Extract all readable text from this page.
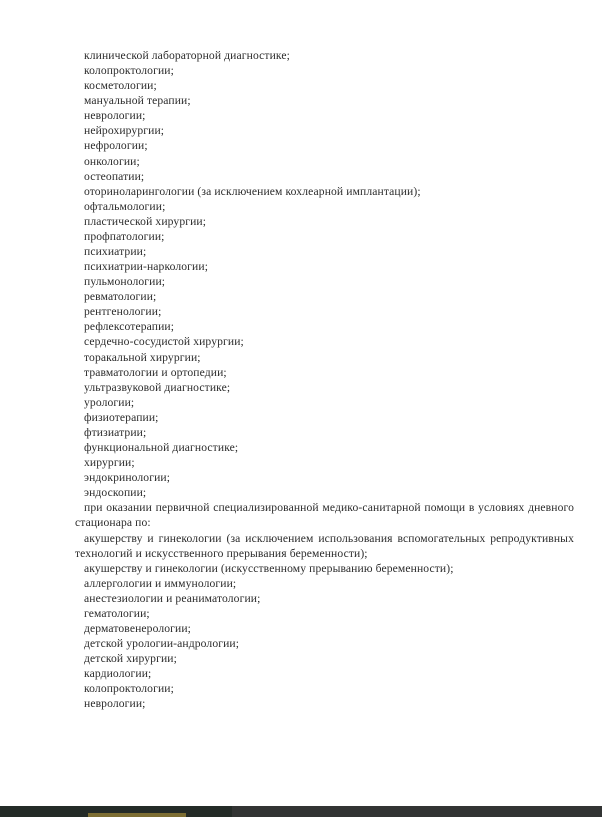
клинической лабораторной диагностике;
колопроктологии;
косметологии;
мануальной терапии;
неврологии;
нейрохирургии;
нефрологии;
онкологии;
остеопатии;
оториноларингологии (за исключением кохлеарной имплантации);
офтальмологии;
пластической хирургии;
профпатологии;
психиатрии;
психиатрии-наркологии;
пульмонологии;
ревматологии;
рентгенологии;
рефлексотерапии;
сердечно-сосудистой хирургии;
торакальной хирургии;
травматологии и ортопедии;
ультразвуковой диагностике;
урологии;
физиотерапии;
фтизиатрии;
функциональной диагностике;
хирургии;
эндокринологии;
эндоскопии;
при оказании первичной специализированной медико-санитарной помощи в условиях дневного стационара по:
акушерству и гинекологии (за исключением использования вспомогательных репродуктивных технологий и искусственного прерывания беременности);
акушерству и гинекологии (искусственному прерыванию беременности);
аллергологии и иммунологии;
анестезиологии и реаниматологии;
гематологии;
дерматовенерологии;
детской урологии-андрологии;
детской хирургии;
кардиологии;
колопроктологии;
неврологии;
